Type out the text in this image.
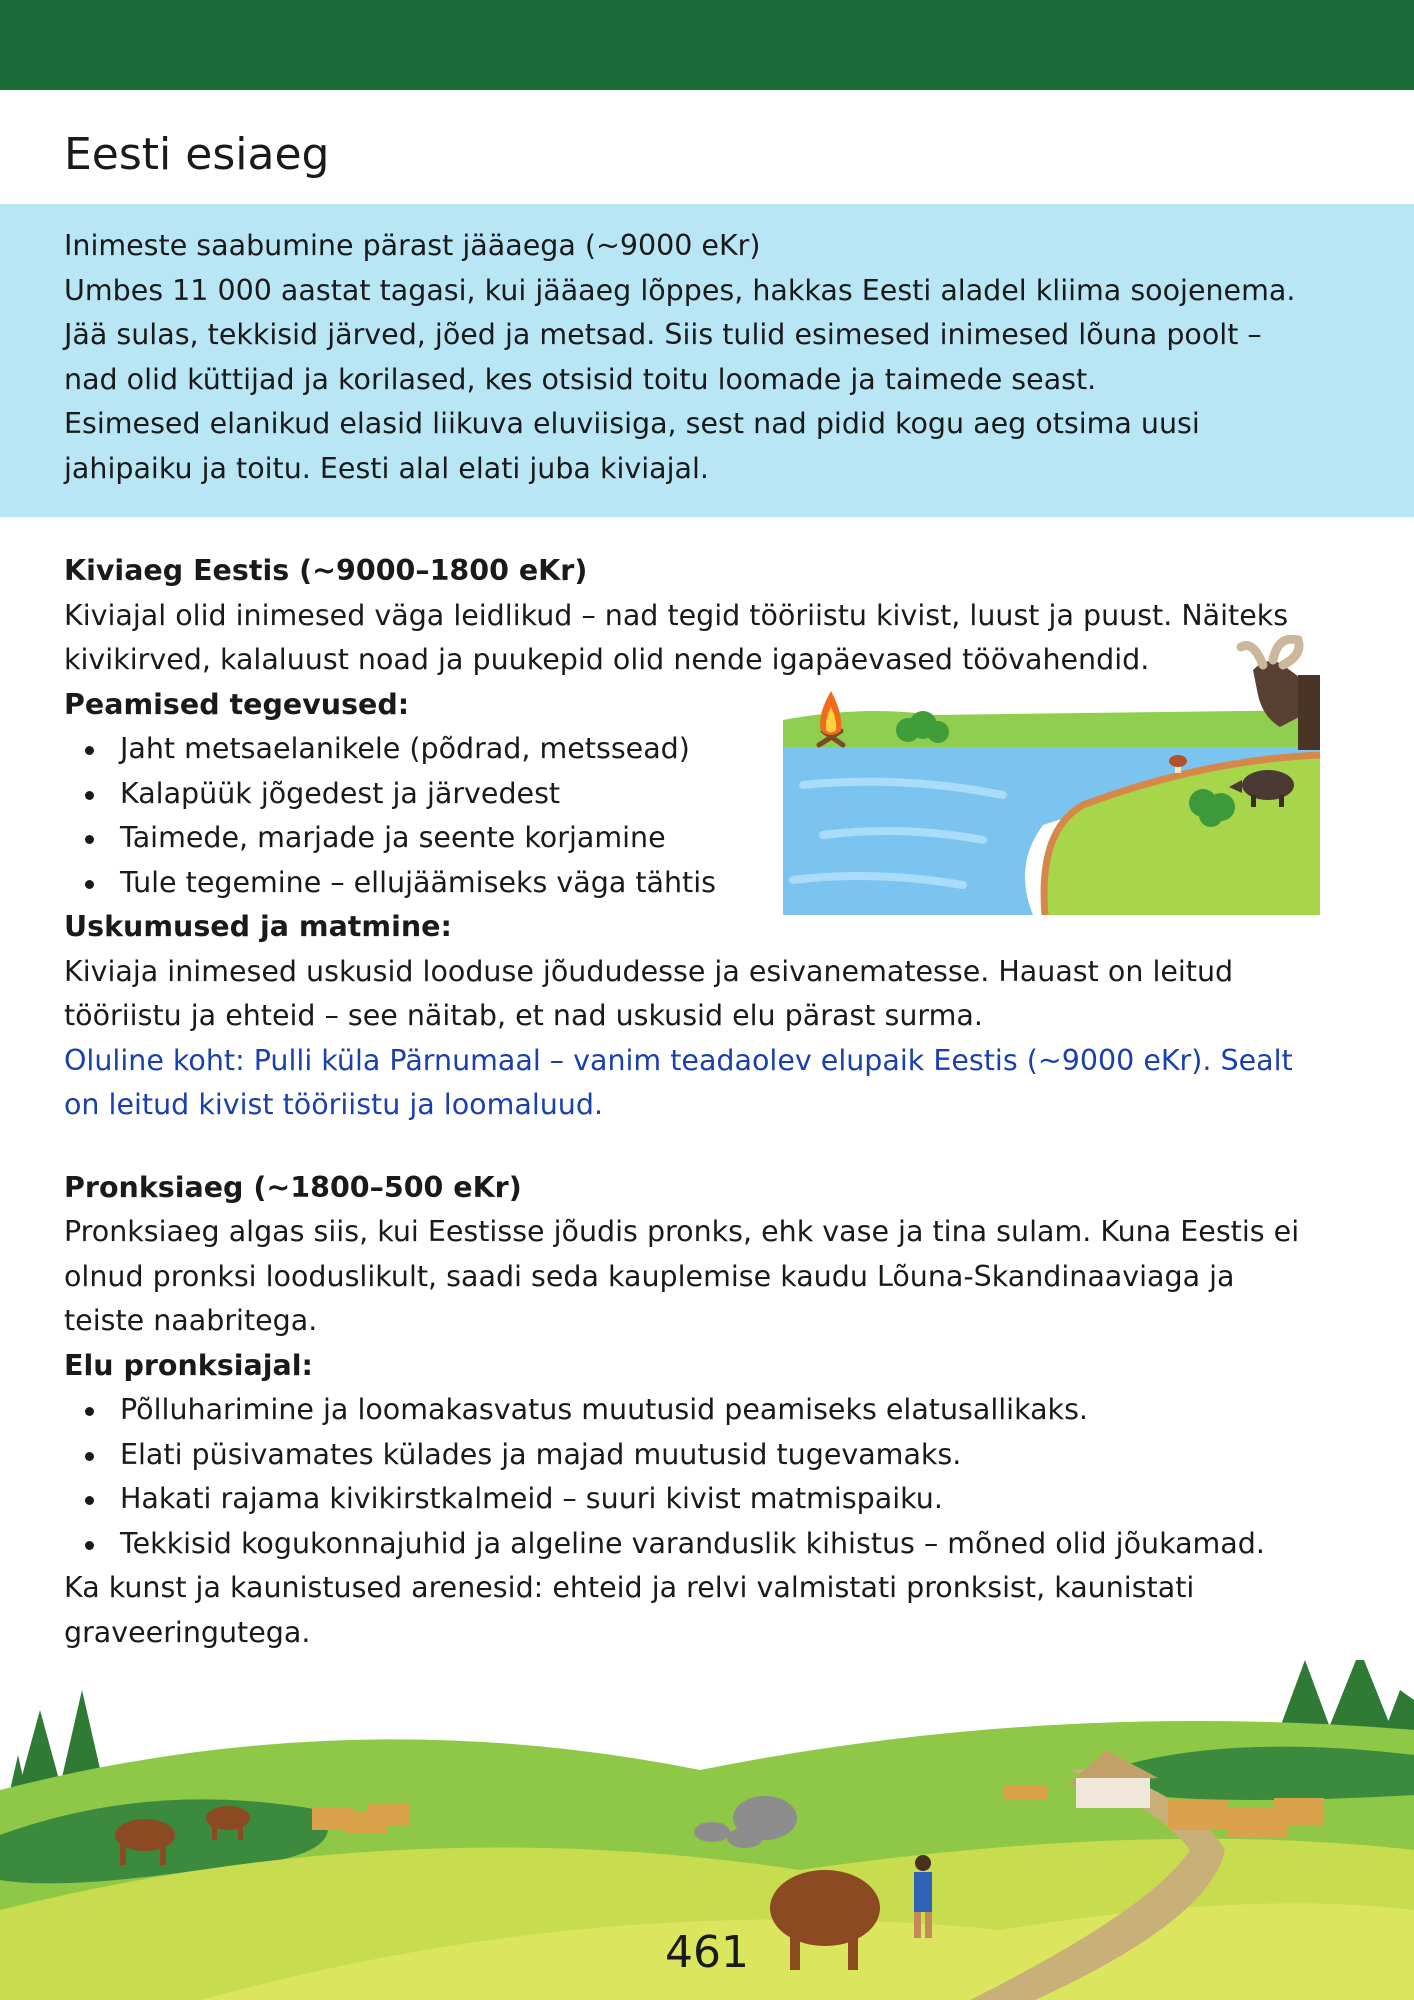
Eesti esiaeg

Inimeste saabumine pärast jääaega (~9000 eKr)

Umbes 11 000 aastat tagasi, kui jääaeg lõppes, hakkas Eesti aladel kliima soojenema.

Jää sulas, tekkisid järved, jõed ja metsad. Siis tulid esimesed inimesed lõuna poolt –

nad olid küttijad ja korilased, kes otsisid toitu loomade ja taimede seast.

Esimesed elanikud elasid liikuva eluviisiga, sest nad pidid kogu aeg otsima uusi

jahipaiku ja toitu. Eesti alal elati juba kiviajal.

Kiviaeg Eestis (~9000–1800 eKr)

Kiviajal olid inimesed väga leidlikud – nad tegid tööriistu kivist, luust ja puust. Näiteks

kivikirved, kalaluust noad ja puukepid olid nende igapäevased töövahendid.

Peamised tegevused:

Jaht metsaelanikele (põdrad, metssead)
Kalapüük jõgedest ja järvedest
Taimede, marjade ja seente korjamine
Tule tegemine – ellujäämiseks väga tähtis

Uskumused ja matmine:

Kiviaja inimesed uskusid looduse jõududesse ja esivanematesse. Hauast on leitud

tööriistu ja ehteid – see näitab, et nad uskusid elu pärast surma.

Oluline koht: Pulli küla Pärnumaal – vanim teadaolev elupaik Eestis (~9000 eKr). Sealt

on leitud kivist tööriistu ja loomaluud.

Pronksiaeg (~1800–500 eKr)

Pronksiaeg algas siis, kui Eestisse jõudis pronks, ehk vase ja tina sulam. Kuna Eestis ei

olnud pronksi looduslikult, saadi seda kauplemise kaudu Lõuna-Skandinaaviaga ja

teiste naabritega.

Elu pronksiajal:

Põlluharimine ja loomakasvatus muutusid peamiseks elatusallikaks.
Elati püsivamates külades ja majad muutusid tugevamaks.
Hakati rajama kivikirstkalmeid – suuri kivist matmispaiku.
Tekkisid kogukonnajuhid ja algeline varanduslik kihistus – mõned olid jõukamad.

Ka kunst ja kaunistused arenesid: ehteid ja relvi valmistati pronksist, kaunistati

graveeringutega.

461
